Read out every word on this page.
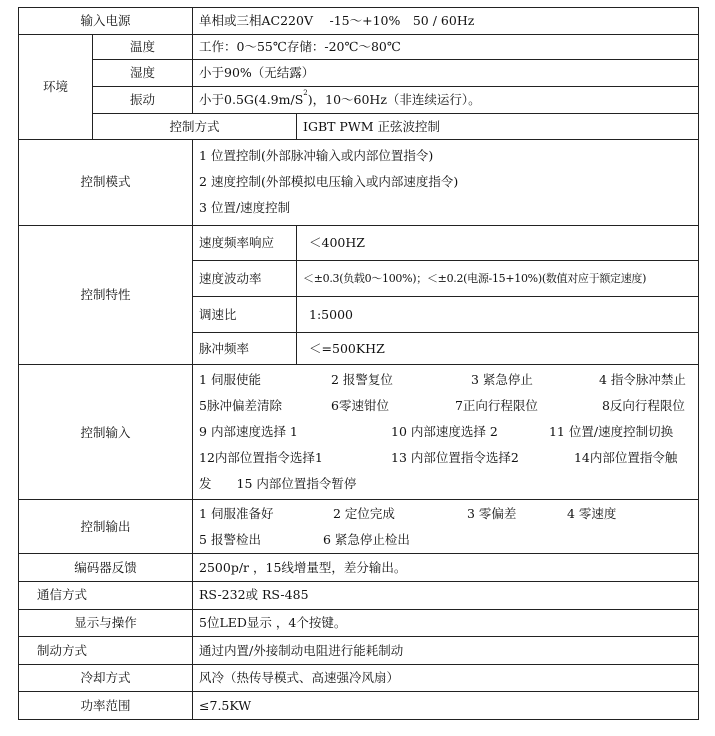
输入电源		单相或三相AC220V　 -15～+10%　50 / 60Hz	
环境	温度	工作：0～55℃存储：-20℃～80℃	
	湿度	小于90%（无结露）	
	振动	小于$0.5G(4.9m/S^2)$，10～60Hz（非连续运行）。	
	控制方式		IGBT PWM 正弦波控制
控制模式		1 位置控制(外部脉冲输入或内部位置指令)
2 速度控制(外部模拟电压输入或内部速度指令)
3 位置/速度控制	

控制特性		速度频率响应	＜400HZ
		速度波动率	＜±0.3(负载0～100%)；＜±0.2(电源-15+10%)(数值对应于额定速度)
		调速比	1:5000
		脉冲频率	＜=500KHZ
控制输入		1 伺服使能 2 报警复位 3 紧急停止 4 指令脉冲禁止
5脉冲偏差清除 6零速钳位 7正向行程限位 8反向行程限位
9 内部速度选择 1 10 内部速度选择 2 11 位置/速度控制切换
12内部位置指令选择1 13 内部位置指令选择2 14内部位置指令触
发　　15 内部位置指令暂停	

控制输出		1 伺服准备好 2 定位完成 3 零偏差 4 零速度
5 报警检出 6 紧急停止检出	

编码器反馈		2500p/r ，15线增量型，差分输出。	
通信方式		RS-232或 RS-485	
显示与操作		5位LED显示 ，4个按键。	
制动方式		通过内置/外接制动电阻进行能耗制动	
冷却方式		风冷（热传导模式、高速强冷风扇）	
功率范围		≤7.5KW	
